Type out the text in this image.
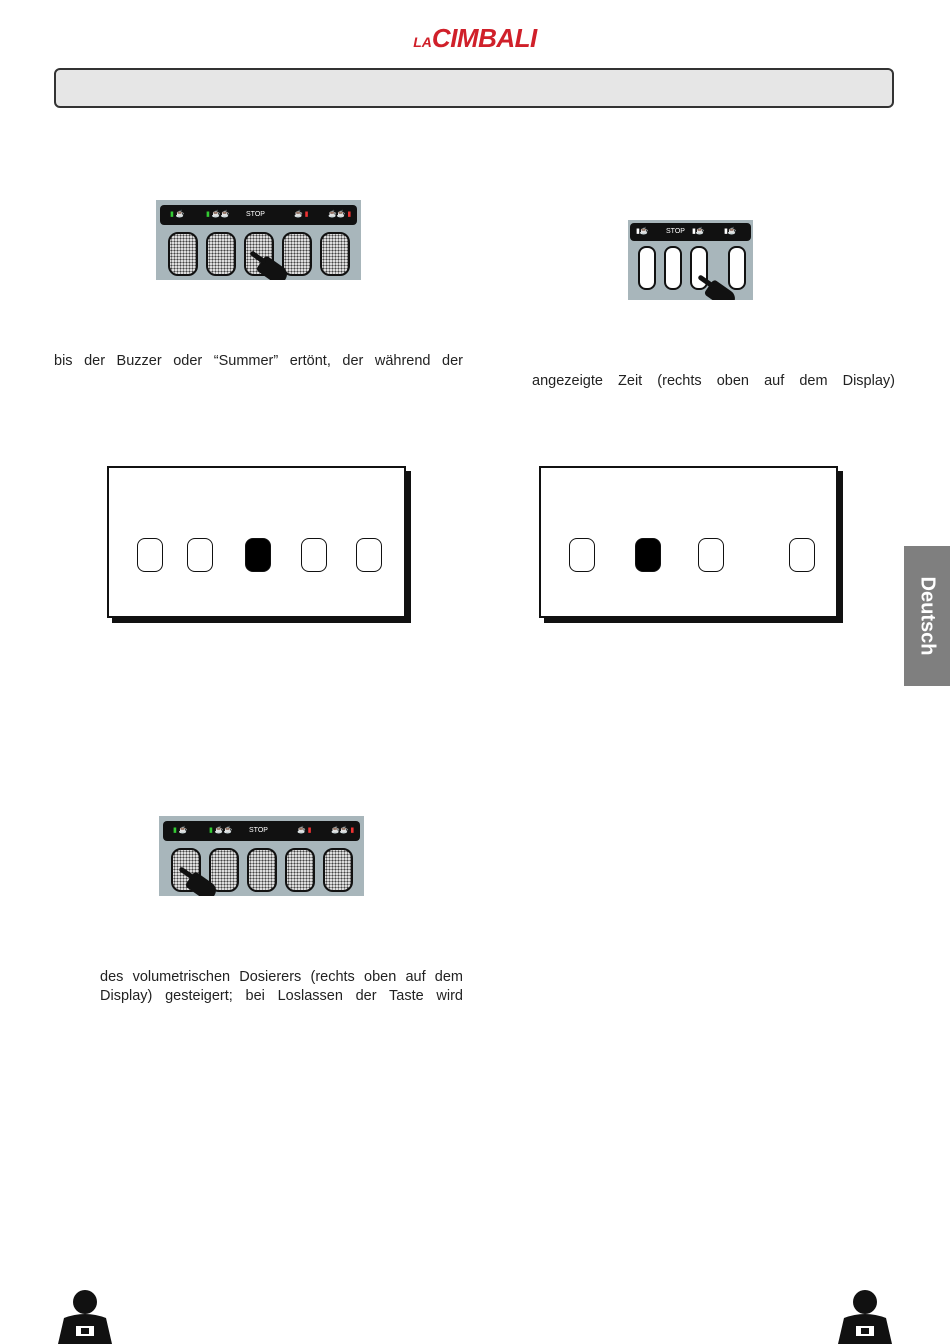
LACIMBALI
▮ ☕	▮ ☕☕	STOP	☕ ▮	☕☕ ▮
▮☕	STOP	▮☕	▮☕
bis der Buzzer oder “Summer” ertönt, der während der
angezeigte Zeit (rechts oben auf dem Display)
Deutsch
▮ ☕	▮ ☕☕	STOP	☕ ▮	☕☕ ▮
des volumetrischen Dosierers (rechts oben auf dem
Display) gesteigert; bei Loslassen der Taste wird
